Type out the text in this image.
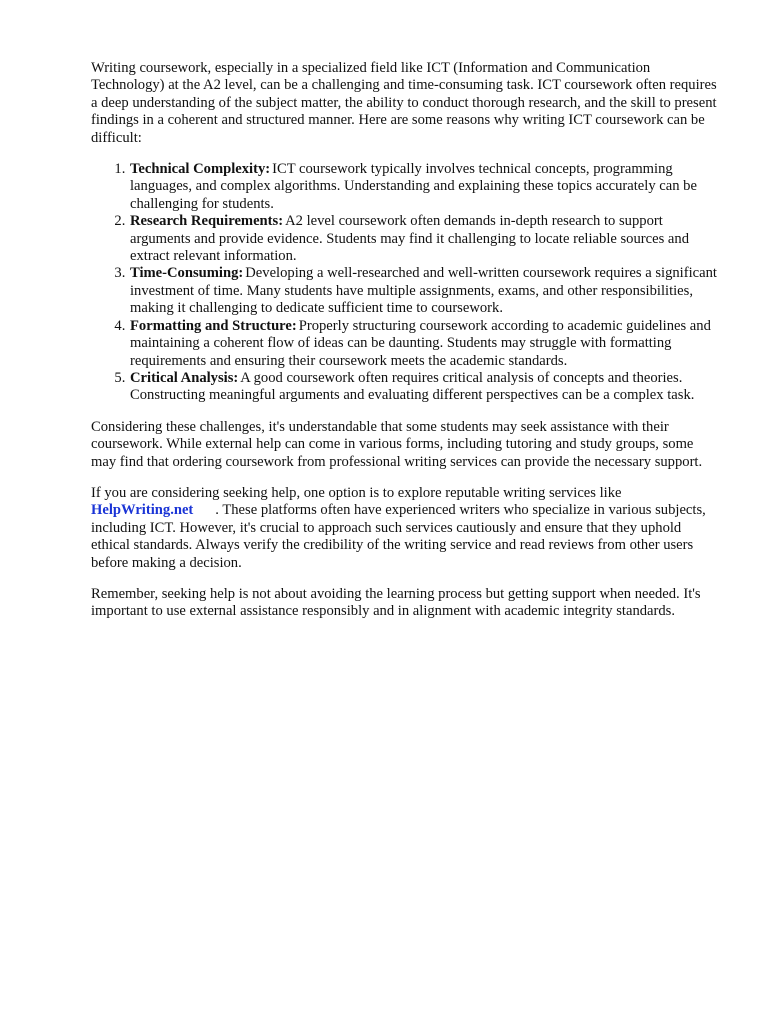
Writing coursework, especially in a specialized field like ICT (Information and Communication Technology) at the A2 level, can be a challenging and time-consuming task. ICT coursework often requires a deep understanding of the subject matter, the ability to conduct thorough research, and the skill to present findings in a coherent and structured manner. Here are some reasons why writing ICT coursework can be difficult:

1. Technical Complexity: ICT coursework typically involves technical concepts, programming languages, and complex algorithms. Understanding and explaining these topics accurately can be challenging for students.
2. Research Requirements: A2 level coursework often demands in-depth research to support arguments and provide evidence. Students may find it challenging to locate reliable sources and extract relevant information.
3. Time-Consuming: Developing a well-researched and well-written coursework requires a significant investment of time. Many students have multiple assignments, exams, and other responsibilities, making it challenging to dedicate sufficient time to coursework.
4. Formatting and Structure: Properly structuring coursework according to academic guidelines and maintaining a coherent flow of ideas can be daunting. Students may struggle with formatting requirements and ensuring their coursework meets the academic standards.
5. Critical Analysis: A good coursework often requires critical analysis of concepts and theories. Constructing meaningful arguments and evaluating different perspectives can be a complex task.

Considering these challenges, it's understandable that some students may seek assistance with their coursework. While external help can come in various forms, including tutoring and study groups, some may find that ordering coursework from professional writing services can provide the necessary support.

If you are considering seeking help, one option is to explore reputable writing services like
HelpWriting.net . These platforms often have experienced writers who specialize in various subjects, including ICT. However, it's crucial to approach such services cautiously and ensure that they uphold ethical standards. Always verify the credibility of the writing service and read reviews from other users before making a decision.

Remember, seeking help is not about avoiding the learning process but getting support when needed. It's important to use external assistance responsibly and in alignment with academic integrity standards.
